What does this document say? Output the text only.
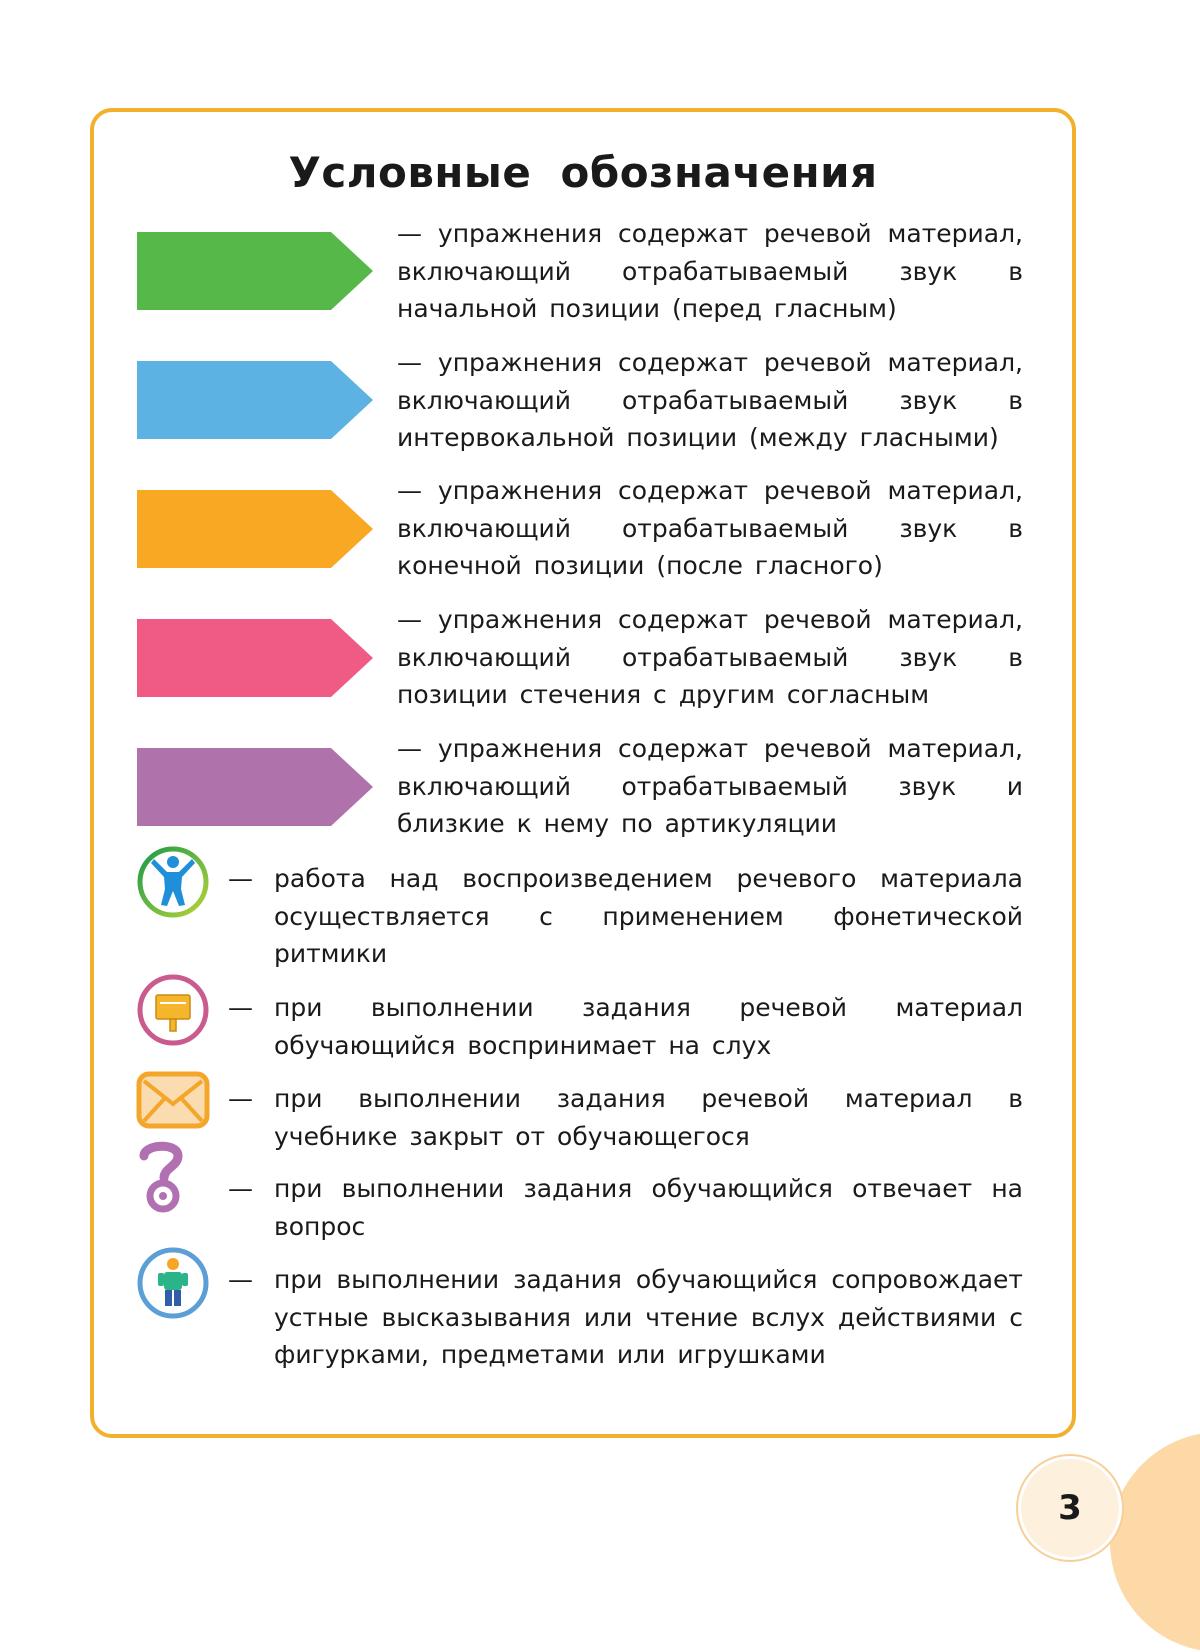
Условные обозначения

— упражнения содержат речевой материал, включающий отрабатываемый звук в начальной позиции (перед гласным)

— упражнения содержат речевой материал, включающий отрабатываемый звук в интервокальной позиции (между гласными)

— упражнения содержат речевой материал, включающий отрабатываемый звук в конечной позиции (после гласного)

— упражнения содержат речевой материал, включающий отрабатываемый звук в позиции стечения с другим согласным

— упражнения содержат речевой материал, включающий отрабатываемый звук и близкие к нему по артикуляции

— работа над воспроизведением речевого материала осуществляется с применением фонетической ритмики

— при выполнении задания речевой материал обучающийся воспринимает на слух

— при выполнении задания речевой материал в учебнике закрыт от обучающегося

— при выполнении задания обучающийся отвечает на вопрос

— при выполнении задания обучающийся сопровождает устные высказывания или чтение вслух действиями с фигурками, предметами или игрушками

3
